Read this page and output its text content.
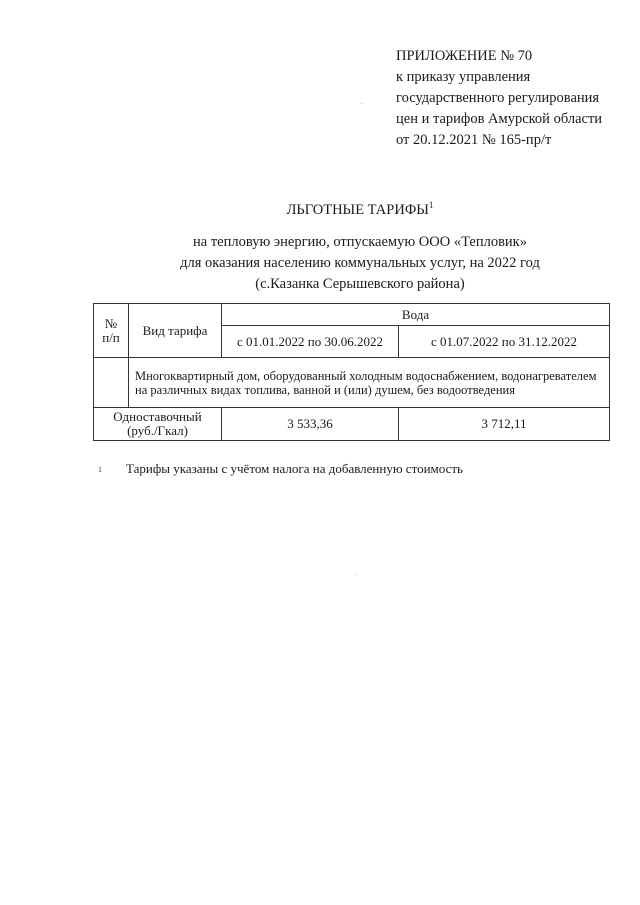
ПРИЛОЖЕНИЕ № 70
к приказу управления
государственного регулирования
цен и тарифов Амурской области
от 20.12.2021 № 165-пр/т
ЛЬГОТНЫЕ ТАРИФЫ$^1$
на тепловую энергию, отпускаемую ООО «Тепловик»
для оказания населению коммунальных услуг, на 2022 год
(с.Казанка Серышевского района)
№
п/п	Вид тарифа	Вода	
		с 01.01.2022 по 30.06.2022	с 01.07.2022 по 31.12.2022
	Многоквартирный дом, оборудованный холодным водоснабжением, водонагревателем на различных видах топлива, ванной и (или) душем, без водоотведения		

Одноставочный
(руб./Гкал)		3 533,36	3 712,11
1 Тарифы указаны с учётом налога на добавленную стоимость
